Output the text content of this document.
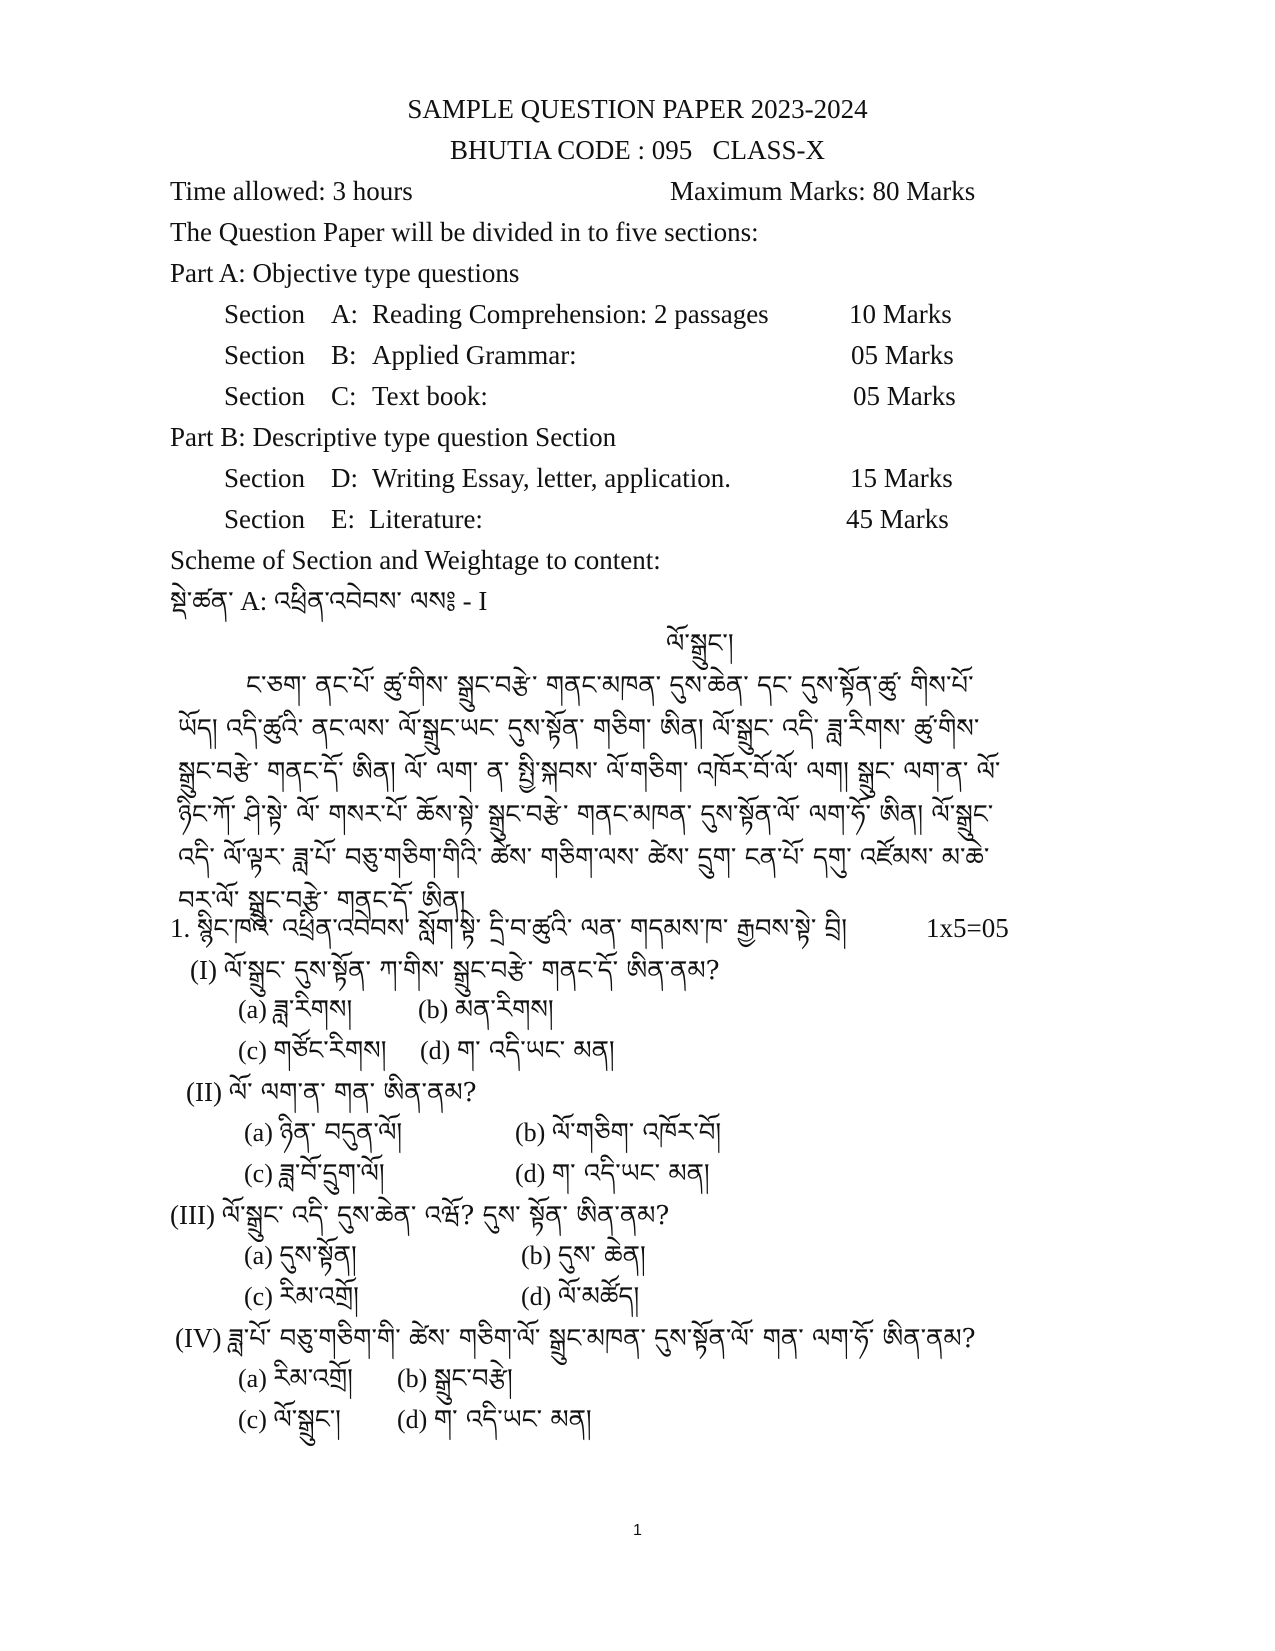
SAMPLE QUESTION PAPER 2023-2024
BHUTIA CODE : 095 CLASS-X
Time allowed: 3 hours	Maximum Marks: 80 Marks
The Question Paper will be divided in to five sections:
Part A: Objective type questions
Section A: Reading Comprehension: 2 passages	10 Marks
Section B: Applied Grammar:	05 Marks
Section C: Text book:	05 Marks
Part B: Descriptive type question Section
Section D: Writing Essay, letter, application.	15 Marks
Section E: Literature:	45 Marks
Scheme of Section and Weightage to content:
སྡེ་ཚན་ A: འཕྲིན་འབེབས་ ལས༔ - I
ལོ་སྒྲུང་།

ང་ཅག་ ནང་པོ་ ཚུ་གིས་ སྒྲུང་བརྩེ་ གནང་མཁན་ དུས་ཆེན་ དང་ དུས་སྟོན་ཚུ་ གིས་པོ་

ཡོད། འདི་ཚུའི་ ནང་ལས་ ལོ་སྒྲུང་ཡང་ དུས་སྟོན་ གཅིག་ ཨིན། ལོ་སྒྲུང་ འདི་ ཟླ་རིགས་ ཚུ་གིས་

སྒྲུང་བརྩེ་ གནང་དོ་ ཨིན། ལོ་ ལག་ ན་ སྤྱི་སྐབས་ ལོ་གཅིག་ འཁོར་བོ་ལོ་ ལག། སྒྲུང་ ལག་ན་ ལོ་

ཉིང་ཀོ་ ཤི་སྟེ་ ལོ་ གསར་པོ་ ཆོས་སྟེ་ སྒྲུང་བརྩེ་ གནང་མཁན་ དུས་སྟོན་ལོ་ ལག་ཧོ་ ཨིན། ལོ་སྒྲུང་

འདི་ ལོ་ལྟར་ ཟླ་པོ་ བཅུ་གཅིག་གིའི་ ཚེས་ གཅིག་ལས་ ཚེས་ དྲུག་ ངན་པོ་ དགུ་ འཛོམས་ མ་ཆེ་

བར་ལོ་ སྒྲུང་བརྩེ་ གནང་དོ་ ཨིན།

1. སྙིང་ཁའི་ འཕྲིན་འབེབས་ སློག་སྟེ་ དྲི་བ་ཚུའི་ ལན་ གདམས་ཁ་ རྒྱབས་སྟེ་ བྲི།	1x5=05
(I) ལོ་སྒྲུང་ དུས་སྟོན་ ཀ་གིས་ སྒྲུང་བརྩེ་ གནང་དོ་ ཨིན་ནམ?
(a) ཟླ་རིགས།	(b) མན་རིགས།
(c) གཙོང་རིགས། (d) ག་ འདི་ཡང་ མན།
(II) ལོ་ ལག་ན་ གན་ ཨིན་ནམ?
(a) ཉིན་ བདུན་ལོ།	(b) ལོ་གཅིག་ འཁོར་བོ།
(c) ཟླ་བོ་དྲུག་ལོ།	(d) ག་ འདི་ཡང་ མན།
(III) ལོ་སྒྲུང་ འདི་ དུས་ཆེན་ འཝོ? དུས་ སྟོན་ ཨིན་ནམ?
(a) དུས་སྟོན།	(b) དུས་ ཆེན།
(c) རིམ་འགྲོ།	(d) ལོ་མཚོད།
(IV) ཟླ་པོ་ བཅུ་གཅིག་གི་ ཚེས་ གཅིག་ལོ་ སྒྲུང་མཁན་ དུས་སྟོན་ལོ་ གན་ ལག་ཧོ་ ཨིན་ནམ?
(a) རིམ་འགྲོ། (b) སྒྲུང་བརྩེ།
(c) ལོ་སྒྲུང་། (d) ག་ འདི་ཡང་ མན།
1
